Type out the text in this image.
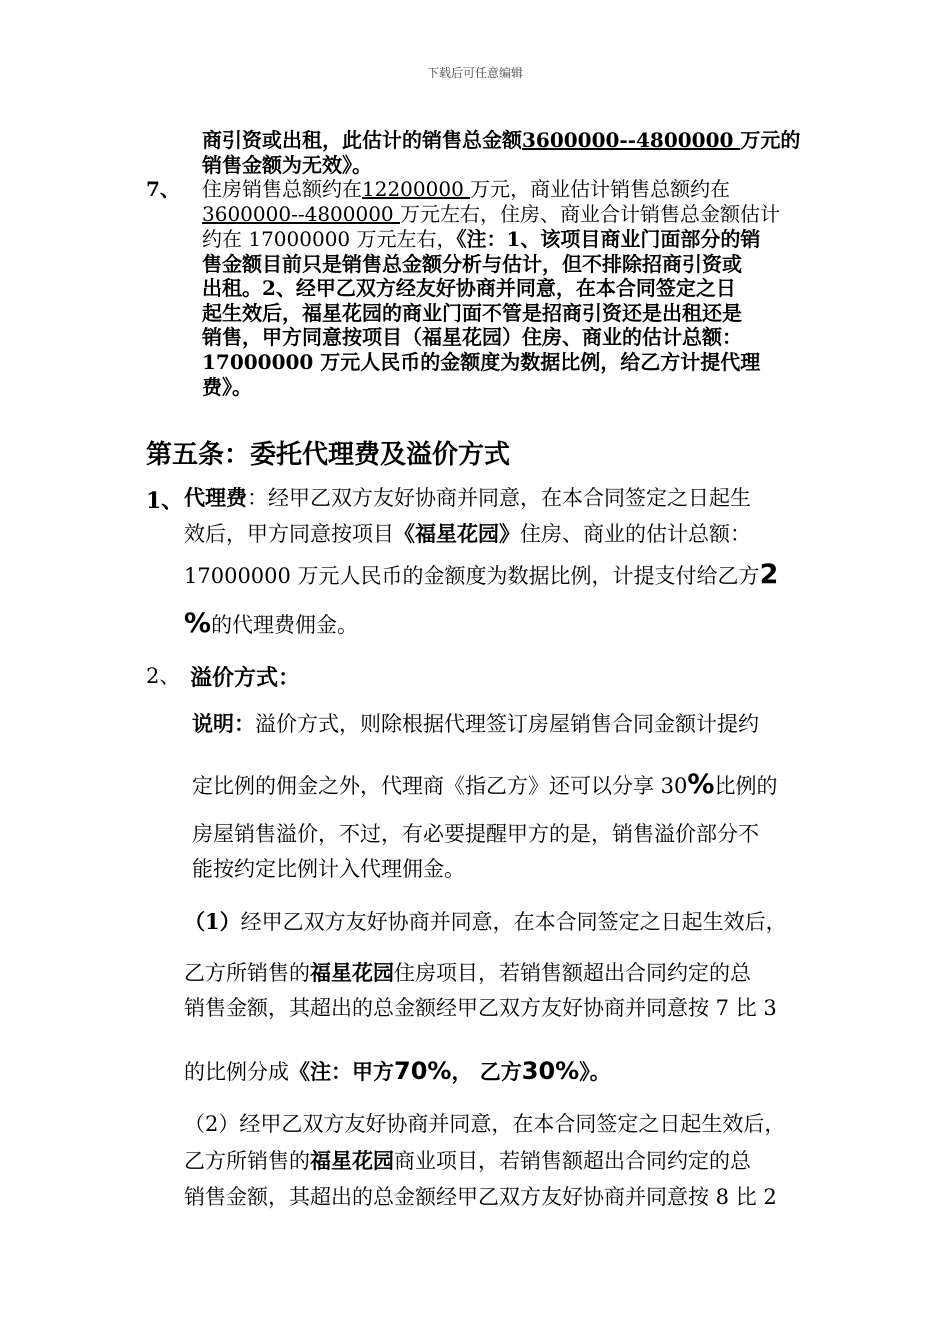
下载后可任意编辑
商引资或出租，此估计的销售总金额3600000--4800000 万元的
销售金额为无效》。
7、 住房销售总额约在12200000 万元，商业估计销售总额约在
3600000--4800000 万元左右，住房、商业合计销售总金额估计
约在 17000000 万元左右，《注：1、该项目商业门面部分的销
售金额目前只是销售总金额分析与估计，但不排除招商引资或
出租。2、经甲乙双方经友好协商并同意，在本合同签定之日
起生效后，福星花园的商业门面不管是招商引资还是出租还是
销售，甲方同意按项目（福星花园）住房、商业的估计总额：
17000000 万元人民币的金额度为数据比例，给乙方计提代理
费》。
第五条：委托代理费及溢价方式
1、 代理费：经甲乙双方友好协商并同意，在本合同签定之日起生
效后，甲方同意按项目《福星花园》住房、商业的估计总额：
17000000 万元人民币的金额度为数据比例，计提支付给乙方2
%的代理费佣金。
2、 溢价方式：
说明：溢价方式，则除根据代理签订房屋销售合同金额计提约
定比例的佣金之外，代理商《指乙方》还可以分享 30%比例的
房屋销售溢价，不过，有必要提醒甲方的是，销售溢价部分不
能按约定比例计入代理佣金。
（1）经甲乙双方友好协商并同意，在本合同签定之日起生效后，
乙方所销售的福星花园住房项目，若销售额超出合同约定的总
销售金额，其超出的总金额经甲乙双方友好协商并同意按 7 比 3
的比例分成《注：甲方70%， 乙方30%》。
（2）经甲乙双方友好协商并同意，在本合同签定之日起生效后，
乙方所销售的福星花园商业项目，若销售额超出合同约定的总
销售金额，其超出的总金额经甲乙双方友好协商并同意按 8 比 2
